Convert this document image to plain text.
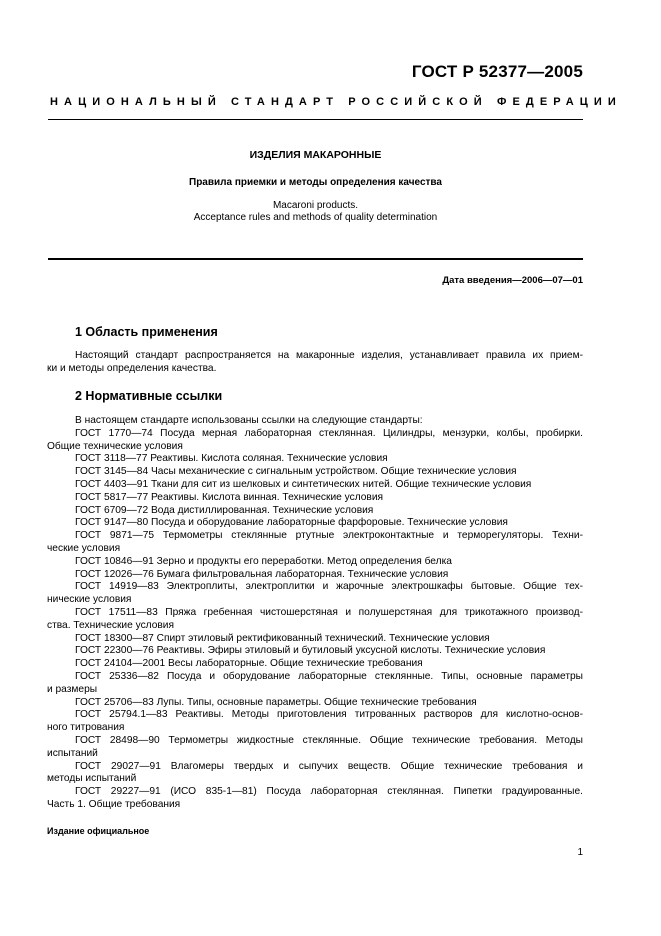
ГОСТ Р 52377—2005
НАЦИОНАЛЬНЫЙ СТАНДАРТ РОССИЙСКОЙ ФЕДЕРАЦИИ
ИЗДЕЛИЯ МАКАРОННЫЕ
Правила приемки и методы определения качества
Macaroni products.
Acceptance rules and methods of quality determination
Дата введения—2006—07—01
1 Область применения
Настоящий стандарт распространяется на макаронные изделия, устанавливает правила их прием-
ки и методы определения качества.
2 Нормативные ссылки
В настоящем стандарте использованы ссылки на следующие стандарты:
ГОСТ 1770—74 Посуда мерная лабораторная стеклянная. Цилиндры, мензурки, колбы, пробирки.
Общие технические условия
ГОСТ 3118—77 Реактивы. Кислота соляная. Технические условия
ГОСТ 3145—84 Часы механические с сигнальным устройством. Общие технические условия
ГОСТ 4403—91 Ткани для сит из шелковых и синтетических нитей. Общие технические условия
ГОСТ 5817—77 Реактивы. Кислота винная. Технические условия
ГОСТ 6709—72 Вода дистиллированная. Технические условия
ГОСТ 9147—80 Посуда и оборудование лабораторные фарфоровые. Технические условия
ГОСТ 9871—75 Термометры стеклянные ртутные электроконтактные и терморегуляторы. Техни-
ческие условия
ГОСТ 10846—91 Зерно и продукты его переработки. Метод определения белка
ГОСТ 12026—76 Бумага фильтровальная лабораторная. Технические условия
ГОСТ 14919—83 Электроплиты, электроплитки и жарочные электрошкафы бытовые. Общие тех-
нические условия
ГОСТ 17511—83 Пряжа гребенная чистошерстяная и полушерстяная для трикотажного производ-
ства. Технические условия
ГОСТ 18300—87 Спирт этиловый ректификованный технический. Технические условия
ГОСТ 22300—76 Реактивы. Эфиры этиловый и бутиловый уксусной кислоты. Технические условия
ГОСТ 24104—2001 Весы лабораторные. Общие технические требования
ГОСТ 25336—82 Посуда и оборудование лабораторные стеклянные. Типы, основные параметры
и размеры
ГОСТ 25706—83 Лупы. Типы, основные параметры. Общие технические требования
ГОСТ 25794.1—83 Реактивы. Методы приготовления титрованных растворов для кислотно-основ-
ного титрования
ГОСТ 28498—90 Термометры жидкостные стеклянные. Общие технические требования. Методы
испытаний
ГОСТ 29027—91 Влагомеры твердых и сыпучих веществ. Общие технические требования и
методы испытаний
ГОСТ 29227—91 (ИСО 835-1—81) Посуда лабораторная стеклянная. Пипетки градуированные.
Часть 1. Общие требования
Издание официальное
1
